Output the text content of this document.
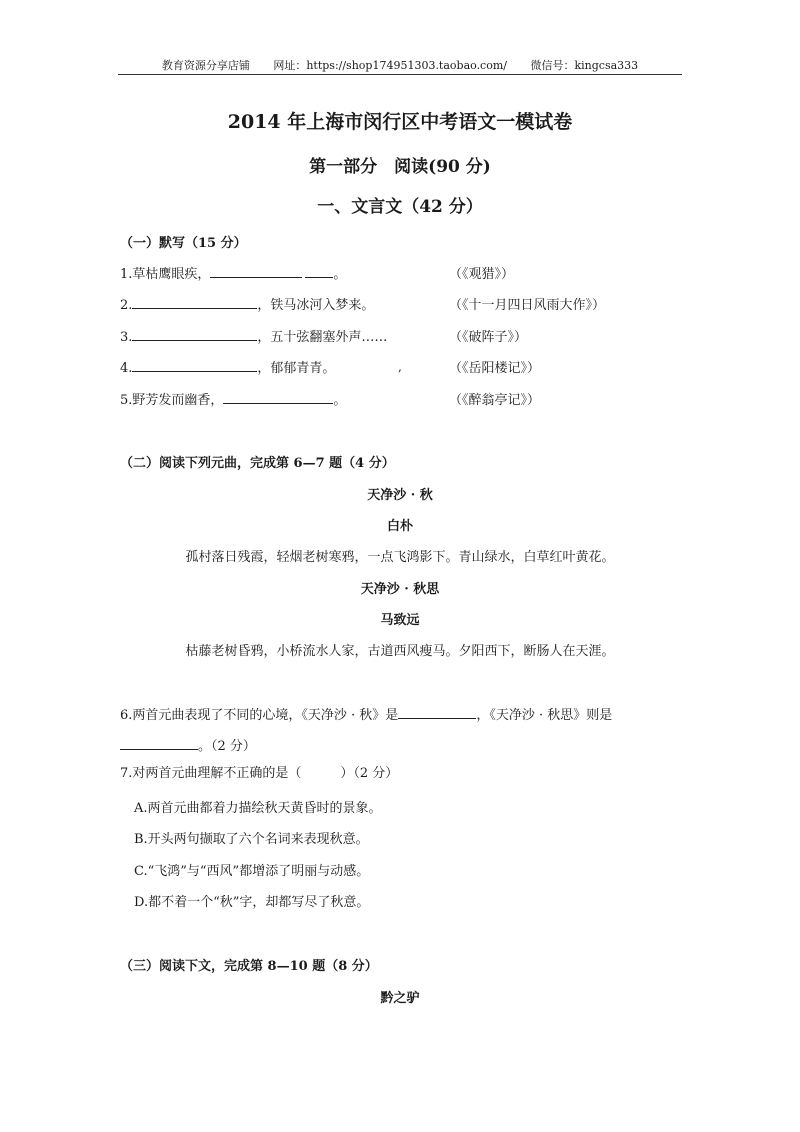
教育资源分享店铺 网址：https://shop174951303.taobao.com/ 微信号：kingcsa333
2014 年上海市闵行区中考语文一模试卷
第一部分　阅读(90 分)
一、文言文（42 分）
（一）默写（15 分）
1.草枯鹰眼疾，	。	（《观猎》）
2.	，铁马冰河入梦来。	（《十一月四日风雨大作》）
3.	，五十弦翻塞外声……	（《破阵子》）
4.	，郁郁青青。	,	（《岳阳楼记》）
5.野芳发而幽香，	。	（《醉翁亭记》）
（二）阅读下列元曲，完成第 6—7 题（4 分）
天净沙 · 秋
白朴
孤村落日残霞，轻烟老树寒鸦，一点飞鸿影下。青山绿水，白草红叶黄花。
天净沙 · 秋思
马致远
枯藤老树昏鸦，小桥流水人家，古道西风瘦马。夕阳西下，断肠人在天涯。
6.两首元曲表现了不同的心境，《天净沙 · 秋》是	，《天净沙 · 秋思》则是
。（2 分）
7.对两首元曲理解不正确的是（　　　）（2 分）
A.两首元曲都着力描绘秋天黄昏时的景象。
B.开头两句撷取了六个名词来表现秋意。
C.“飞鸿”与“西风”都增添了明丽与动感。
D.都不着一个“秋”字，却都写尽了秋意。
（三）阅读下文，完成第 8—10 题（8 分）
黔之驴
